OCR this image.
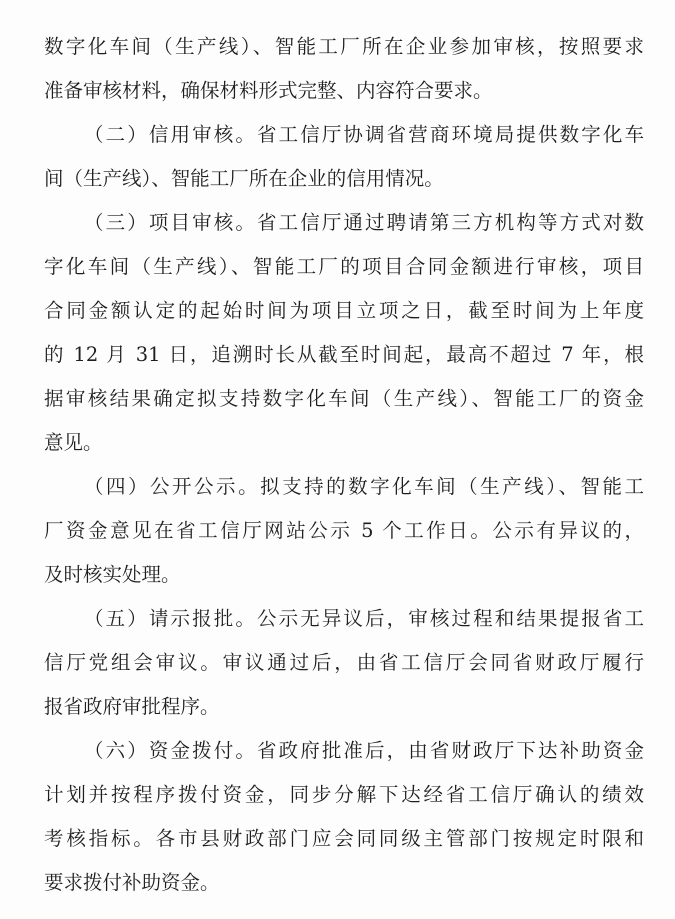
数字化车间（生产线）、智能工厂所在企业参加审核，按照要求
准备审核材料，确保材料形式完整、内容符合要求。
（二）信用审核。省工信厅协调省营商环境局提供数字化车
间（生产线）、智能工厂所在企业的信用情况。
（三）项目审核。省工信厅通过聘请第三方机构等方式对数
字化车间（生产线）、智能工厂的项目合同金额进行审核，项目
合同金额认定的起始时间为项目立项之日，截至时间为上年度
的 12 月 31 日，追溯时长从截至时间起，最高不超过 7 年，根
据审核结果确定拟支持数字化车间（生产线）、智能工厂的资金
意见。
（四）公开公示。拟支持的数字化车间（生产线）、智能工
厂资金意见在省工信厅网站公示 5 个工作日。公示有异议的，
及时核实处理。
（五）请示报批。公示无异议后，审核过程和结果提报省工
信厅党组会审议。审议通过后，由省工信厅会同省财政厅履行
报省政府审批程序。
（六）资金拨付。省政府批准后，由省财政厅下达补助资金
计划并按程序拨付资金，同步分解下达经省工信厅确认的绩效
考核指标。各市县财政部门应会同同级主管部门按规定时限和
要求拨付补助资金。
